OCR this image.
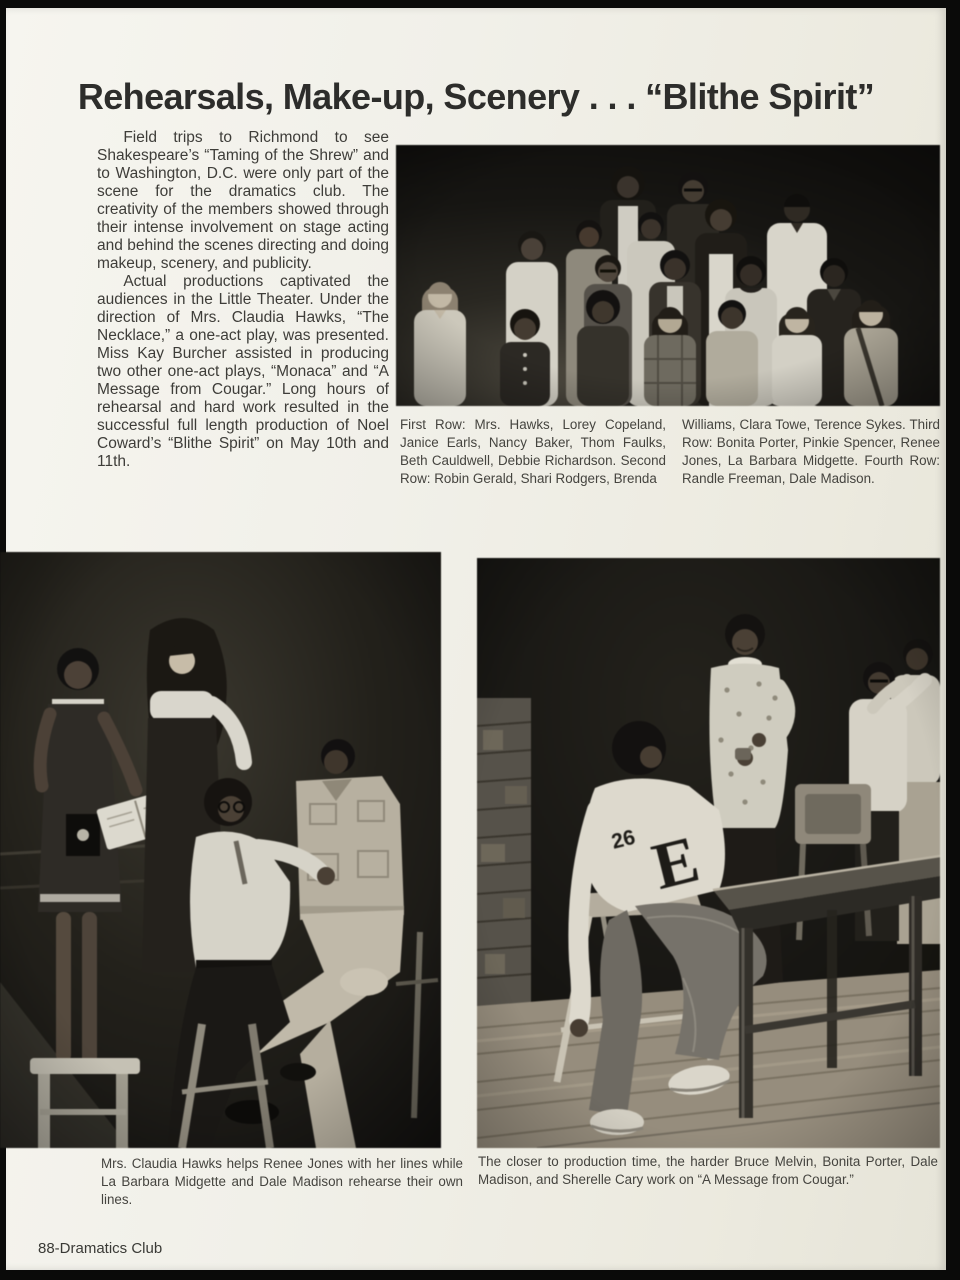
Rehearsals, Make-up, Scenery . . . “Blithe Spirit”

Field trips to Richmond to see Shakespeare’s “Taming of the Shrew” and to Washington, D.C. were only part of the scene for the dramatics club. The creativity of the members showed through their intense involvement on stage acting and behind the scenes directing and doing makeup, scenery, and publicity.

Actual productions captivated the audiences in the Little Theater. Under the direction of Mrs. Claudia Hawks, “The Necklace,” a one-act play, was presented. Miss Kay Burcher assisted in producing two other one-act plays, “Monaca” and “A Message from Cougar.” Long hours of rehearsal and hard work resulted in the successful full length production of Noel Coward’s “Blithe Spirit” on May 10th and 11th.

First Row: Mrs. Hawks, Lorey Copeland, Janice Earls, Nancy Baker, Thom Faulks, Beth Cauldwell, Debbie Richardson. Second Row: Robin Gerald, Shari Rodgers, Brenda
Williams, Clara Towe, Terence Sykes. Third Row: Bonita Porter, Pinkie Spencer, Renee Jones, La Barbara Midgette. Fourth Row: Randle Freeman, Dale Madison.
Mrs. Claudia Hawks helps Renee Jones with her lines while La Barbara Midgette and Dale Madison rehearse their own lines.
The closer to production time, the harder Bruce Melvin, Bonita Porter, Dale Madison, and Sherelle Cary work on “A Message from Cougar.”
88-Dramatics Club
